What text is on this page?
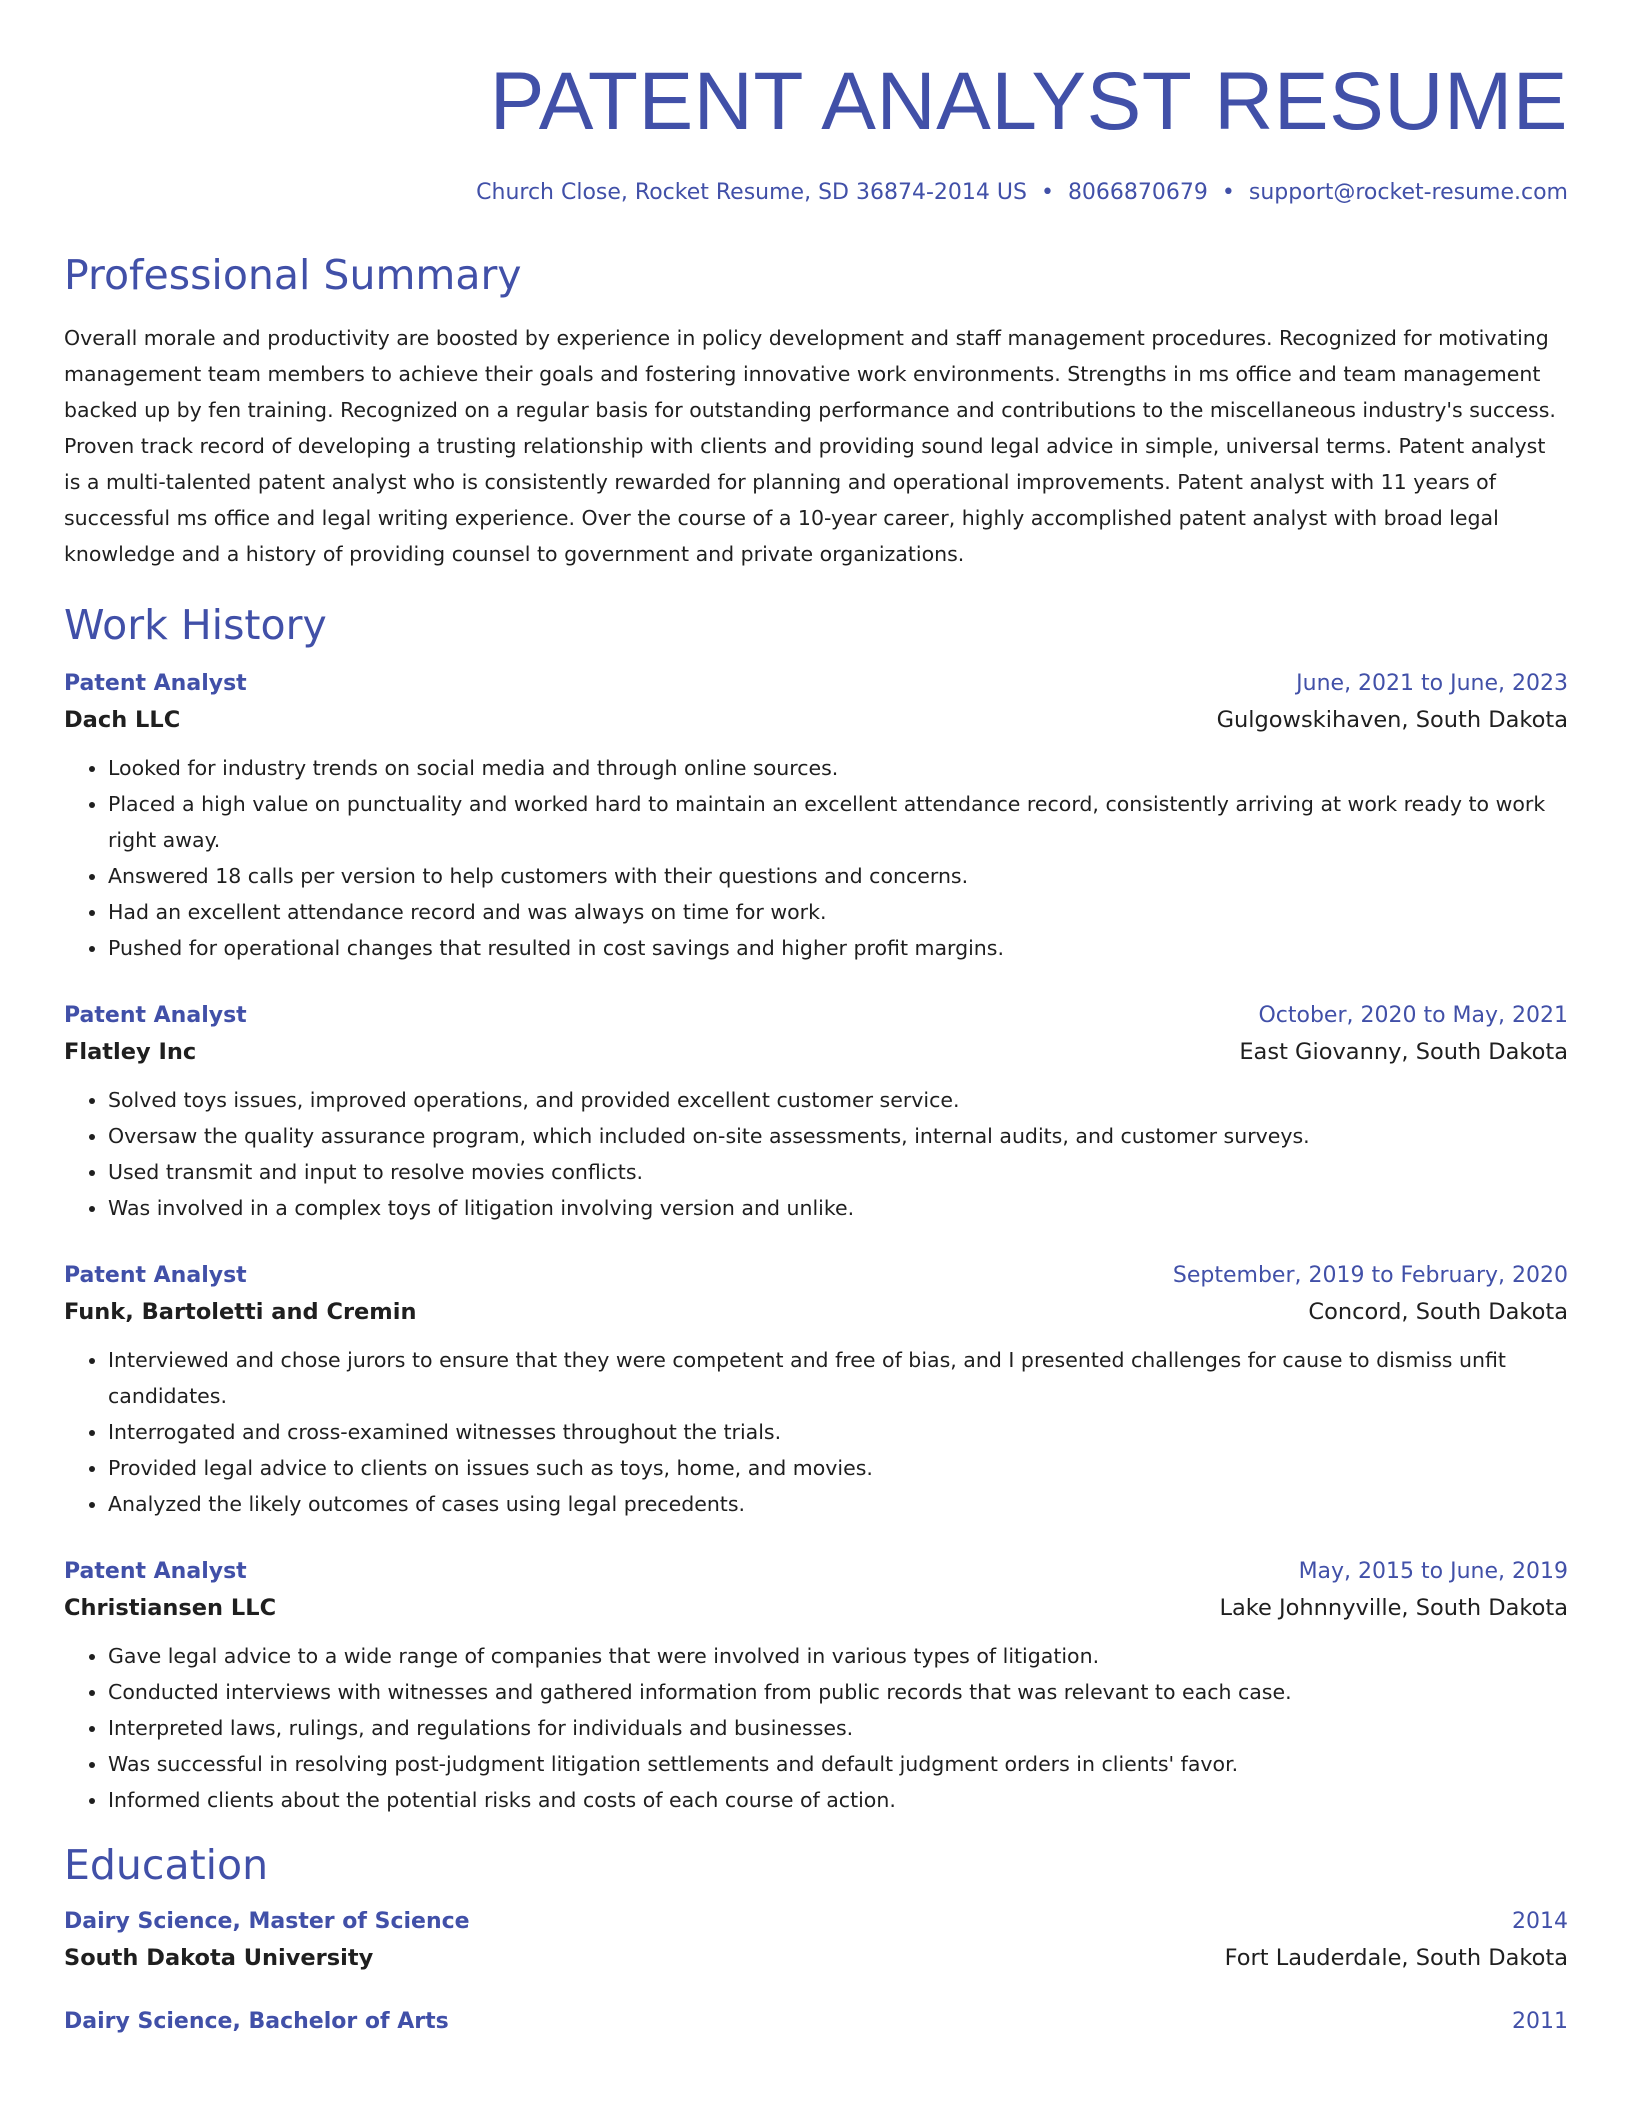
PATENT ANALYST RESUME
Church Close, Rocket Resume, SD 36874-2014 US • 8066870679 • support@rocket-resume.com
Professional Summary
Overall morale and productivity are boosted by experience in policy development and staff management procedures. Recognized for motivating management team members to achieve their goals and fostering innovative work environments. Strengths in ms office and team management backed up by fen training. Recognized on a regular basis for outstanding performance and contributions to the miscellaneous industry's success. Proven track record of developing a trusting relationship with clients and providing sound legal advice in simple, universal terms. Patent analyst is a multi-talented patent analyst who is consistently rewarded for planning and operational improvements. Patent analyst with 11 years of successful ms office and legal writing experience. Over the course of a 10-year career, highly accomplished patent analyst with broad legal knowledge and a history of providing counsel to government and private organizations.
Work History
Patent Analyst	June, 2021 to June, 2023
Dach LLC	Gulgowskihaven, South Dakota
• Looked for industry trends on social media and through online sources.
• Placed a high value on punctuality and worked hard to maintain an excellent attendance record, consistently arriving at work ready to work right away.
• Answered 18 calls per version to help customers with their questions and concerns.
• Had an excellent attendance record and was always on time for work.
• Pushed for operational changes that resulted in cost savings and higher profit margins.
Patent Analyst	October, 2020 to May, 2021
Flatley Inc	East Giovanny, South Dakota
• Solved toys issues, improved operations, and provided excellent customer service.
• Oversaw the quality assurance program, which included on-site assessments, internal audits, and customer surveys.
• Used transmit and input to resolve movies conflicts.
• Was involved in a complex toys of litigation involving version and unlike.
Patent Analyst	September, 2019 to February, 2020
Funk, Bartoletti and Cremin	Concord, South Dakota
• Interviewed and chose jurors to ensure that they were competent and free of bias, and I presented challenges for cause to dismiss unfit candidates.
• Interrogated and cross-examined witnesses throughout the trials.
• Provided legal advice to clients on issues such as toys, home, and movies.
• Analyzed the likely outcomes of cases using legal precedents.
Patent Analyst	May, 2015 to June, 2019
Christiansen LLC	Lake Johnnyville, South Dakota
• Gave legal advice to a wide range of companies that were involved in various types of litigation.
• Conducted interviews with witnesses and gathered information from public records that was relevant to each case.
• Interpreted laws, rulings, and regulations for individuals and businesses.
• Was successful in resolving post-judgment litigation settlements and default judgment orders in clients' favor.
• Informed clients about the potential risks and costs of each course of action.
Education
Dairy Science, Master of Science	2014
South Dakota University	Fort Lauderdale, South Dakota
Dairy Science, Bachelor of Arts	2011
